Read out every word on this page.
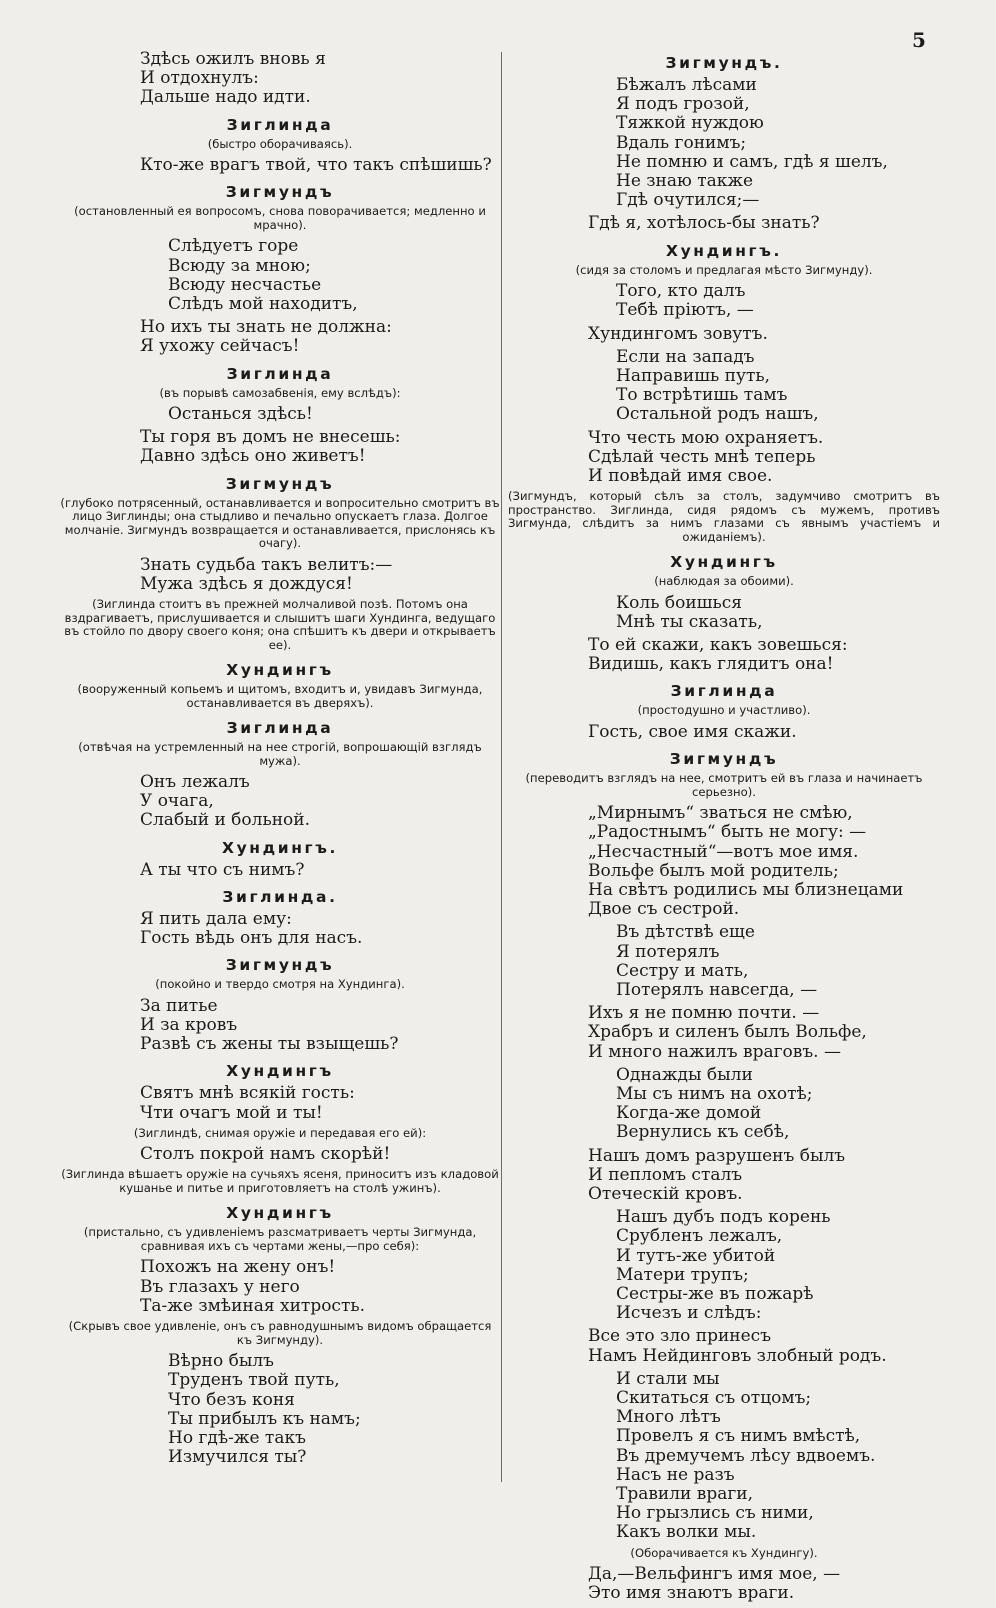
5
Здѣсь ожилъ вновь я
И отдохнулъ:
Дальше надо идти.
Зиглинда
(быстро оборачиваясь).
Кто-же врагъ твой, что такъ спѣшишь?
Зигмундъ
(остановленный ея вопросомъ, снова поворачивается; медленно и мрачно).
Слѣдуетъ горе
Всюду за мною;
Всюду несчастье
Слѣдъ мой находитъ,
Но ихъ ты знать не должна:
Я ухожу сейчасъ!
Зиглинда
(въ порывѣ самозабвенія, ему вслѣдъ):
Останься здѣсь!
Ты горя въ домъ не внесешь:
Давно здѣсь оно живетъ!
Зигмундъ
(глубоко потрясенный, останавливается и вопросительно смотритъ въ лицо Зиглинды; она стыдливо и печально опускаетъ глаза. Долгое молчаніе. Зигмундъ возвращается и останавливается, прислонясь къ очагу).
Знать судьба такъ велитъ:—
Мужа здѣсь я дождуся!
(Зиглинда стоитъ въ прежней молчаливой позѣ. Потомъ она вздрагиваетъ, прислушивается и слышитъ шаги Хундинга, ведущаго въ стойло по двору своего коня; она спѣшитъ къ двери и открываетъ ее).
Хундингъ
(вооруженный копьемъ и щитомъ, входитъ и, увидавъ Зигмунда, останавливается въ дверяхъ).
Зиглинда
(отвѣчая на устремленный на нее строгій, вопрошающій взглядъ мужа).
Онъ лежалъ
У очага,
Слабый и больной.
Хундингъ.
А ты что съ нимъ?
Зиглинда.
Я пить дала ему:
Гость вѣдь онъ для насъ.
Зигмундъ
(покойно и твердо смотря на Хундинга).
За питье
И за кровъ
Развѣ съ жены ты взыщешь?
Хундингъ
Святъ мнѣ всякій гость:
Чти очагъ мой и ты!
(Зиглиндѣ, снимая оружіе и передавая его ей):
Столъ покрой намъ скорѣй!
(Зиглинда вѣшаетъ оружіе на сучьяхъ ясеня, приноситъ изъ кладовой кушанье и питье и приготовляетъ на столѣ ужинъ).
Хундингъ
(пристально, съ удивленіемъ разсматриваетъ черты Зигмунда, сравнивая ихъ съ чертами жены,—про себя):
Похожъ на жену онъ!
Въ глазахъ у него
Та-же змѣиная хитрость.
(Скрывъ свое удивленіе, онъ съ равнодушнымъ видомъ обращается къ Зигмунду).
Вѣрно былъ
Труденъ твой путь,
Что безъ коня
Ты прибылъ къ намъ;
Но гдѣ-же такъ
Измучился ты?
Зигмундъ.
Бѣжалъ лѣсами
Я подъ грозой,
Тяжкой нуждою
Вдаль гонимъ;
Не помню и самъ, гдѣ я шелъ,
Не знаю также
Гдѣ очутился;—
Гдѣ я, хотѣлось-бы знать?
Хундингъ.
(сидя за столомъ и предлагая мѣсто Зигмунду).
Того, кто далъ
Тебѣ пріютъ, —
Хундингомъ зовутъ.
Если на западъ
Направишь путь,
То встрѣтишь тамъ
Остальной родъ нашъ,
Что честь мою охраняетъ.
Сдѣлай честь мнѣ теперь
И повѣдай имя свое.
(Зигмундъ, который сѣлъ за столъ, задумчиво смотритъ въ пространство. Зиглинда, сидя рядомъ съ мужемъ, противъ Зигмунда, слѣдитъ за нимъ глазами съ явнымъ участіемъ и ожиданіемъ).
Хундингъ
(наблюдая за обоими).
Коль боишься
Мнѣ ты сказать,
То ей скажи, какъ зовешься:
Видишь, какъ глядитъ она!
Зиглинда
(простодушно и участливо).
Гость, свое имя скажи.
Зигмундъ
(переводитъ взглядъ на нее, смотритъ ей въ глаза и начинаетъ серьезно).
„Мирнымъ“ зваться не смѣю,
„Радостнымъ“ быть не могу: —
„Несчастный“—вотъ мое имя.
Вольфе былъ мой родитель;
На свѣтъ родились мы близнецами
Двое съ сестрой.
Въ дѣтствѣ еще
Я потерялъ
Сестру и мать,
Потерялъ навсегда, —
Ихъ я не помню почти. —
Храбръ и силенъ былъ Вольфе,
И много нажилъ враговъ. —
Однажды были
Мы съ нимъ на охотѣ;
Когда-же домой
Вернулись къ себѣ,
Нашъ домъ разрушенъ былъ
И пепломъ сталъ
Отеческій кровъ.
Нашъ дубъ подъ корень
Срубленъ лежалъ,
И тутъ-же убитой
Матери трупъ;
Сестры-же въ пожарѣ
Исчезъ и слѣдъ:
Все это зло принесъ
Намъ Нейдинговъ злобный родъ.
И стали мы
Скитаться съ отцомъ;
Много лѣтъ
Провелъ я съ нимъ вмѣстѣ,
Въ дремучемъ лѣсу вдвоемъ.
Насъ не разъ
Травили враги,
Но грызлись съ ними,
Какъ волки мы.
(Оборачивается къ Хундингу).
Да,—Вельфингъ имя мое, —
Это имя знаютъ враги.
